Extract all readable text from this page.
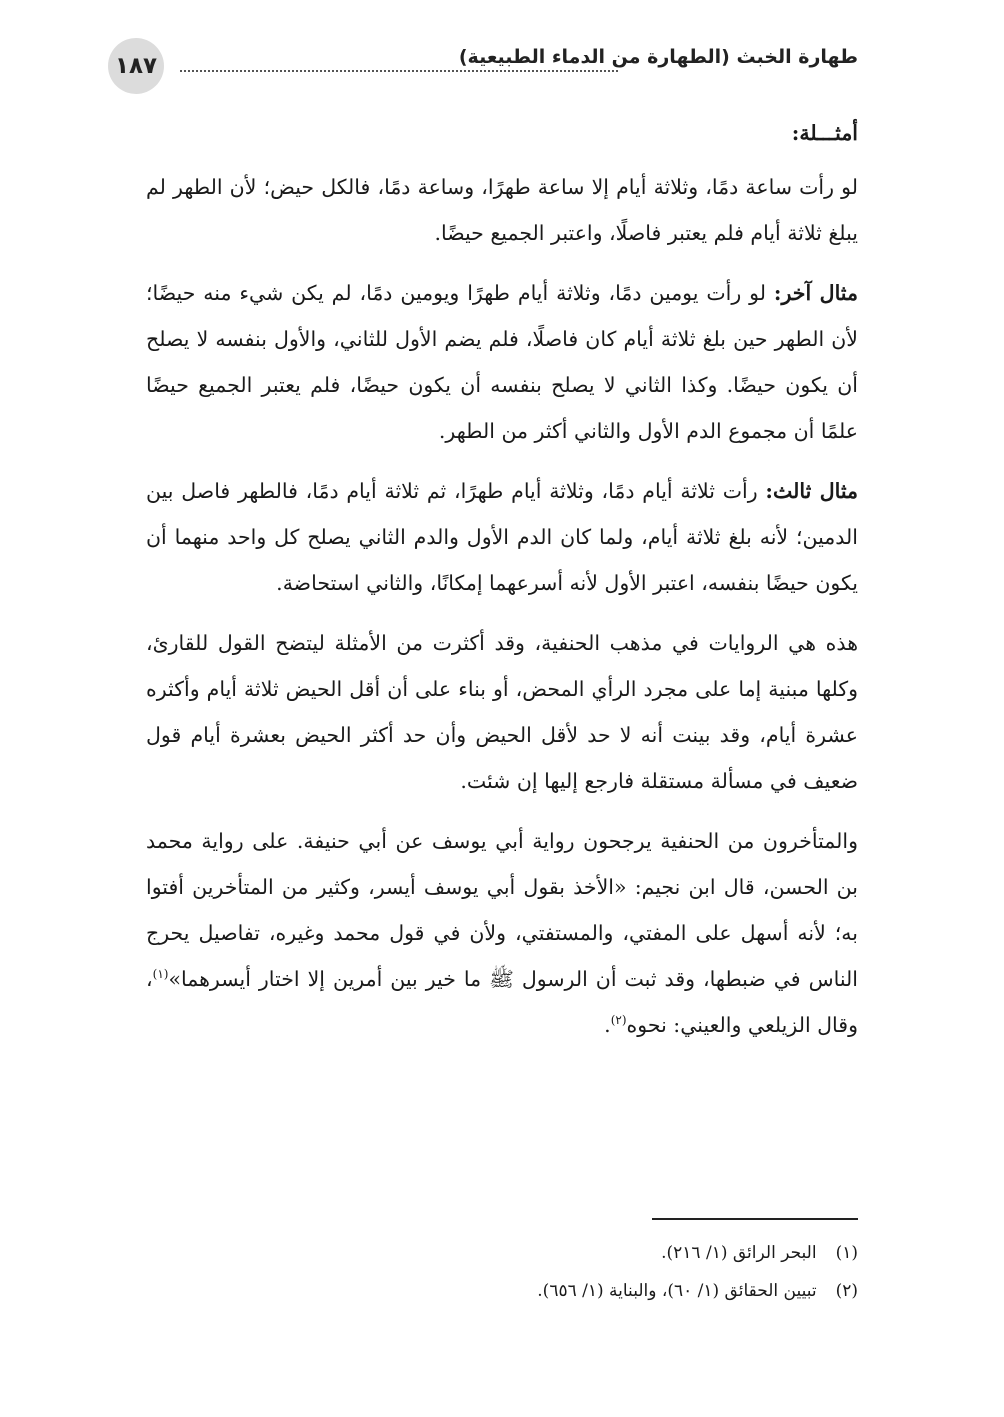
١٨٧	طهارة الخبث (الطهارة من الدماء الطبيعية)
أمثـــلة:

لو رأت ساعة دمًا، وثلاثة أيام إلا ساعة طهرًا، وساعة دمًا، فالكل حيض؛ لأن الطهر لم يبلغ ثلاثة أيام فلم يعتبر فاصلًا، واعتبر الجميع حيضًا.

مثال آخر: لو رأت يومين دمًا، وثلاثة أيام طهرًا ويومين دمًا، لم يكن شيء منه حيضًا؛ لأن الطهر حين بلغ ثلاثة أيام كان فاصلًا، فلم يضم الأول للثاني، والأول بنفسه لا يصلح أن يكون حيضًا. وكذا الثاني لا يصلح بنفسه أن يكون حيضًا، فلم يعتبر الجميع حيضًا علمًا أن مجموع الدم الأول والثاني أكثر من الطهر.

مثال ثالث: رأت ثلاثة أيام دمًا، وثلاثة أيام طهرًا، ثم ثلاثة أيام دمًا، فالطهر فاصل بين الدمين؛ لأنه بلغ ثلاثة أيام، ولما كان الدم الأول والدم الثاني يصلح كل واحد منهما أن يكون حيضًا بنفسه، اعتبر الأول لأنه أسرعهما إمكانًا، والثاني استحاضة.

هذه هي الروايات في مذهب الحنفية، وقد أكثرت من الأمثلة ليتضح القول للقارئ، وكلها مبنية إما على مجرد الرأي المحض، أو بناء على أن أقل الحيض ثلاثة أيام وأكثره عشرة أيام، وقد بينت أنه لا حد لأقل الحيض وأن حد أكثر الحيض بعشرة أيام قول ضعيف في مسألة مستقلة فارجع إليها إن شئت.

والمتأخرون من الحنفية يرجحون رواية أبي يوسف عن أبي حنيفة. على رواية محمد بن الحسن، قال ابن نجيم: «الأخذ بقول أبي يوسف أيسر، وكثير من المتأخرين أفتوا به؛ لأنه أسهل على المفتي، والمستفتي، ولأن في قول محمد وغيره، تفاصيل يحرج الناس في ضبطها، وقد ثبت أن الرسول ﷺ ما خير بين أمرين إلا اختار أيسرهما»$^{(١)}$، وقال الزيلعي والعيني: نحوه$^{(٢)}$.

(١) البحر الرائق (١/ ٢١٦).

(٢) تبيين الحقائق (١/ ٦٠)، والبناية (١/ ٦٥٦).
